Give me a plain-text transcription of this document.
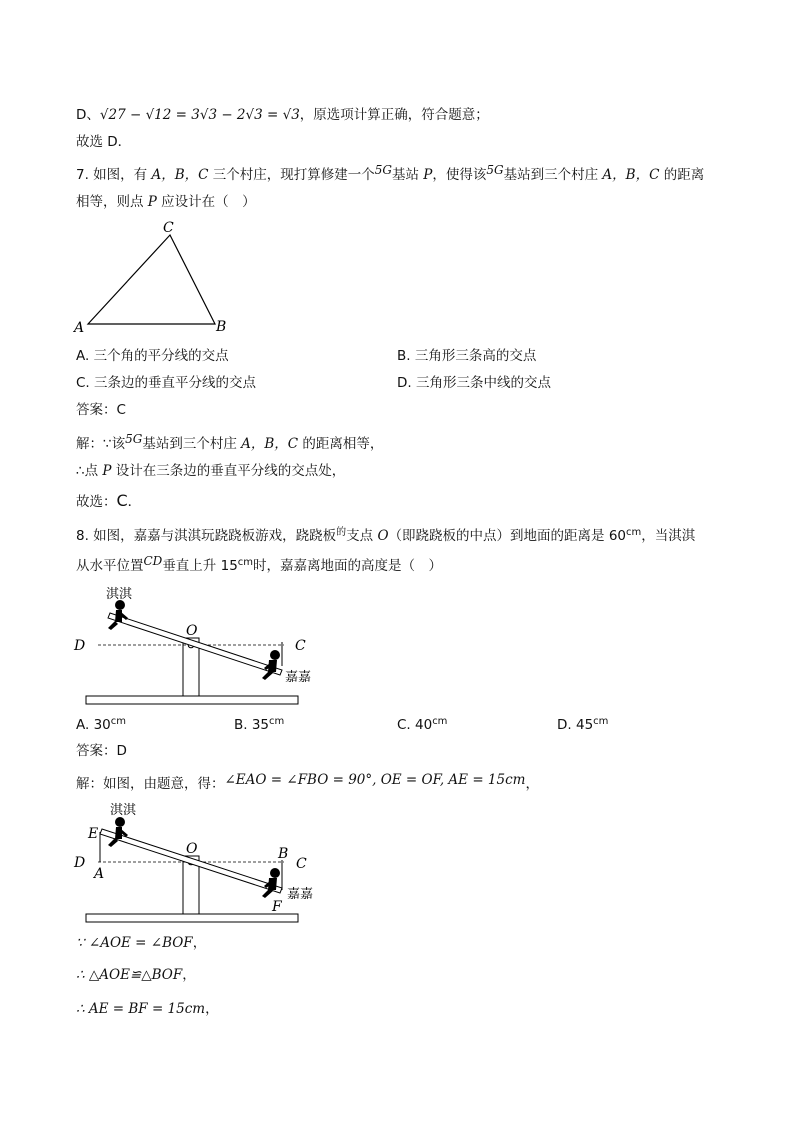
D、√27 − √12 = 3√3 − 2√3 = √3，原选项计算正确，符合题意；
故选 D．
7. 如图，有 A，B，C 三个村庄，现打算修建一个5G基站 P，使得该5G基站到三个村庄 A，B，C 的距离
相等，则点 P 应设计在（　）
A
C
B
A. 三个角的平分线的交点	B. 三角形三条高的交点
C. 三条边的垂直平分线的交点	D. 三角形三条中线的交点
答案：C
解：∵该5G基站到三个村庄 A，B，C 的距离相等，
∴点 P 设计在三条边的垂直平分线的交点处，
故选：C．
8. 如图，嘉嘉与淇淇玩跷跷板游戏，跷跷板$^的$支点 O（即跷跷板的中点）到地面的距离是 $60^{cm}$，当淇淇
从水平位置CD垂直上升 $15^{cm}$时，嘉嘉离地面的高度是（　）
淇淇
嘉嘉
D
O
C
A. $30^{cm}$	B. $35^{cm}$	C. $40^{cm}$	D. $45^{cm}$
答案：D
解：如图，由题意，得：∠EAO = ∠FBO = 90°, OE = OF, AE = 15cm，
淇淇
嘉嘉
E
D
A
O	B
C
F
∵ ∠AOE = ∠BOF，
∴ △AOE≌△BOF，
∴ AE = BF = 15cm，
